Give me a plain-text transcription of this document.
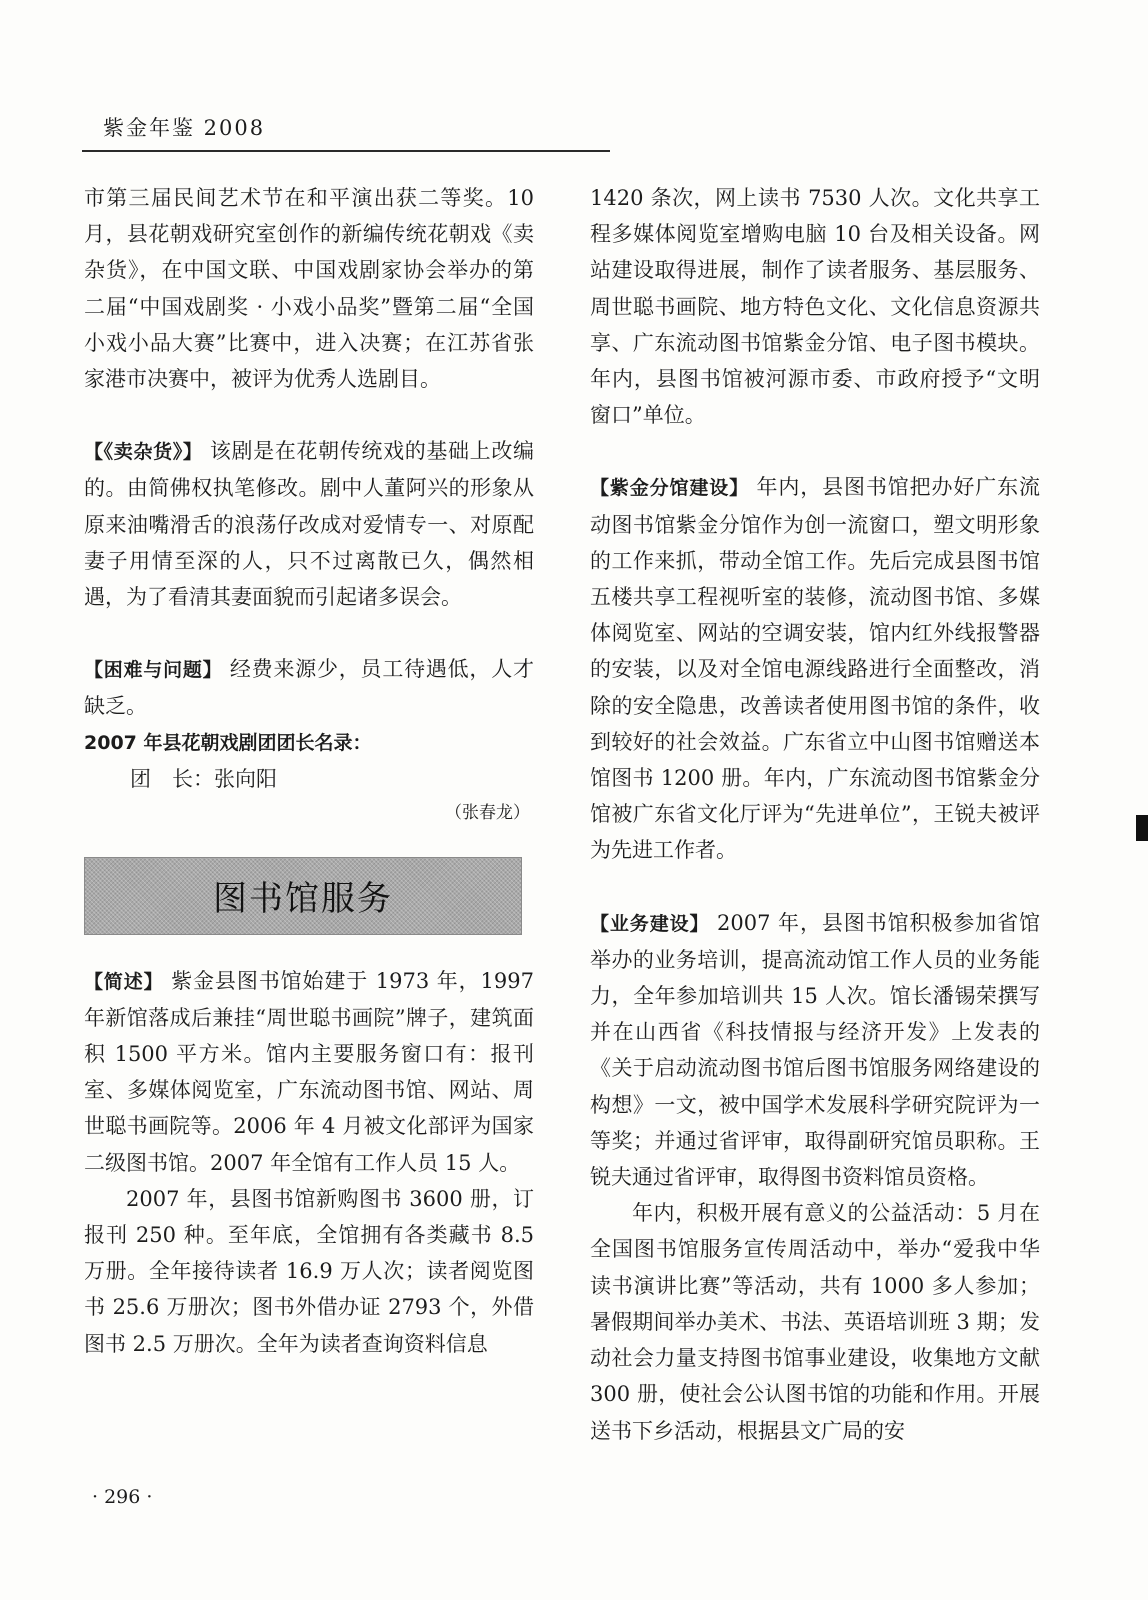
紫金年鉴 2008

市第三届民间艺术节在和平演出获二等奖。10月，县花朝戏研究室创作的新编传统花朝戏《卖杂货》，在中国文联、中国戏剧家协会举办的第二届“中国戏剧奖 · 小戏小品奖”暨第二届“全国小戏小品大赛”比赛中，进入决赛；在江苏省张家港市决赛中，被评为优秀人选剧目。

【《卖杂货》】 该剧是在花朝传统戏的基础上改编的。由简佛权执笔修改。剧中人董阿兴的形象从原来油嘴滑舌的浪荡仔改成对爱情专一、对原配妻子用情至深的人，只不过离散已久，偶然相遇，为了看清其妻面貌而引起诸多误会。

【困难与问题】 经费来源少，员工待遇低，人才缺乏。

2007 年县花朝戏剧团团长名录：

团　长：张向阳

（张春龙）

图书馆服务

【简述】 紫金县图书馆始建于 1973 年，1997 年新馆落成后兼挂“周世聪书画院”牌子，建筑面积 1500 平方米。馆内主要服务窗口有：报刊室、多媒体阅览室，广东流动图书馆、网站、周世聪书画院等。2006 年 4 月被文化部评为国家二级图书馆。2007 年全馆有工作人员 15 人。

2007 年，县图书馆新购图书 3600 册，订报刊 250 种。至年底，全馆拥有各类藏书 8.5 万册。全年接待读者 16.9 万人次；读者阅览图书 25.6 万册次；图书外借办证 2793 个，外借图书 2.5 万册次。全年为读者查询资料信息

1420 条次，网上读书 7530 人次。文化共享工程多媒体阅览室增购电脑 10 台及相关设备。网站建设取得进展，制作了读者服务、基层服务、周世聪书画院、地方特色文化、文化信息资源共享、广东流动图书馆紫金分馆、电子图书模块。年内，县图书馆被河源市委、市政府授予“文明窗口”单位。

【紫金分馆建设】 年内，县图书馆把办好广东流动图书馆紫金分馆作为创一流窗口，塑文明形象的工作来抓，带动全馆工作。先后完成县图书馆五楼共享工程视听室的装修，流动图书馆、多媒体阅览室、网站的空调安装，馆内红外线报警器的安装，以及对全馆电源线路进行全面整改，消除的安全隐患，改善读者使用图书馆的条件，收到较好的社会效益。广东省立中山图书馆赠送本馆图书 1200 册。年内，广东流动图书馆紫金分馆被广东省文化厅评为“先进单位”，王锐夫被评为先进工作者。

【业务建设】 2007 年，县图书馆积极参加省馆举办的业务培训，提高流动馆工作人员的业务能力，全年参加培训共 15 人次。馆长潘锡荣撰写并在山西省《科技情报与经济开发》上发表的《关于启动流动图书馆后图书馆服务网络建设的构想》一文，被中国学术发展科学研究院评为一等奖；并通过省评审，取得副研究馆员职称。王锐夫通过省评审，取得图书资料馆员资格。

年内，积极开展有意义的公益活动：5 月在全国图书馆服务宣传周活动中，举办“爱我中华读书演讲比赛”等活动，共有 1000 多人参加；暑假期间举办美术、书法、英语培训班 3 期；发动社会力量支持图书馆事业建设，收集地方文献 300 册，使社会公认图书馆的功能和作用。开展送书下乡活动，根据县文广局的安

· 296 ·
